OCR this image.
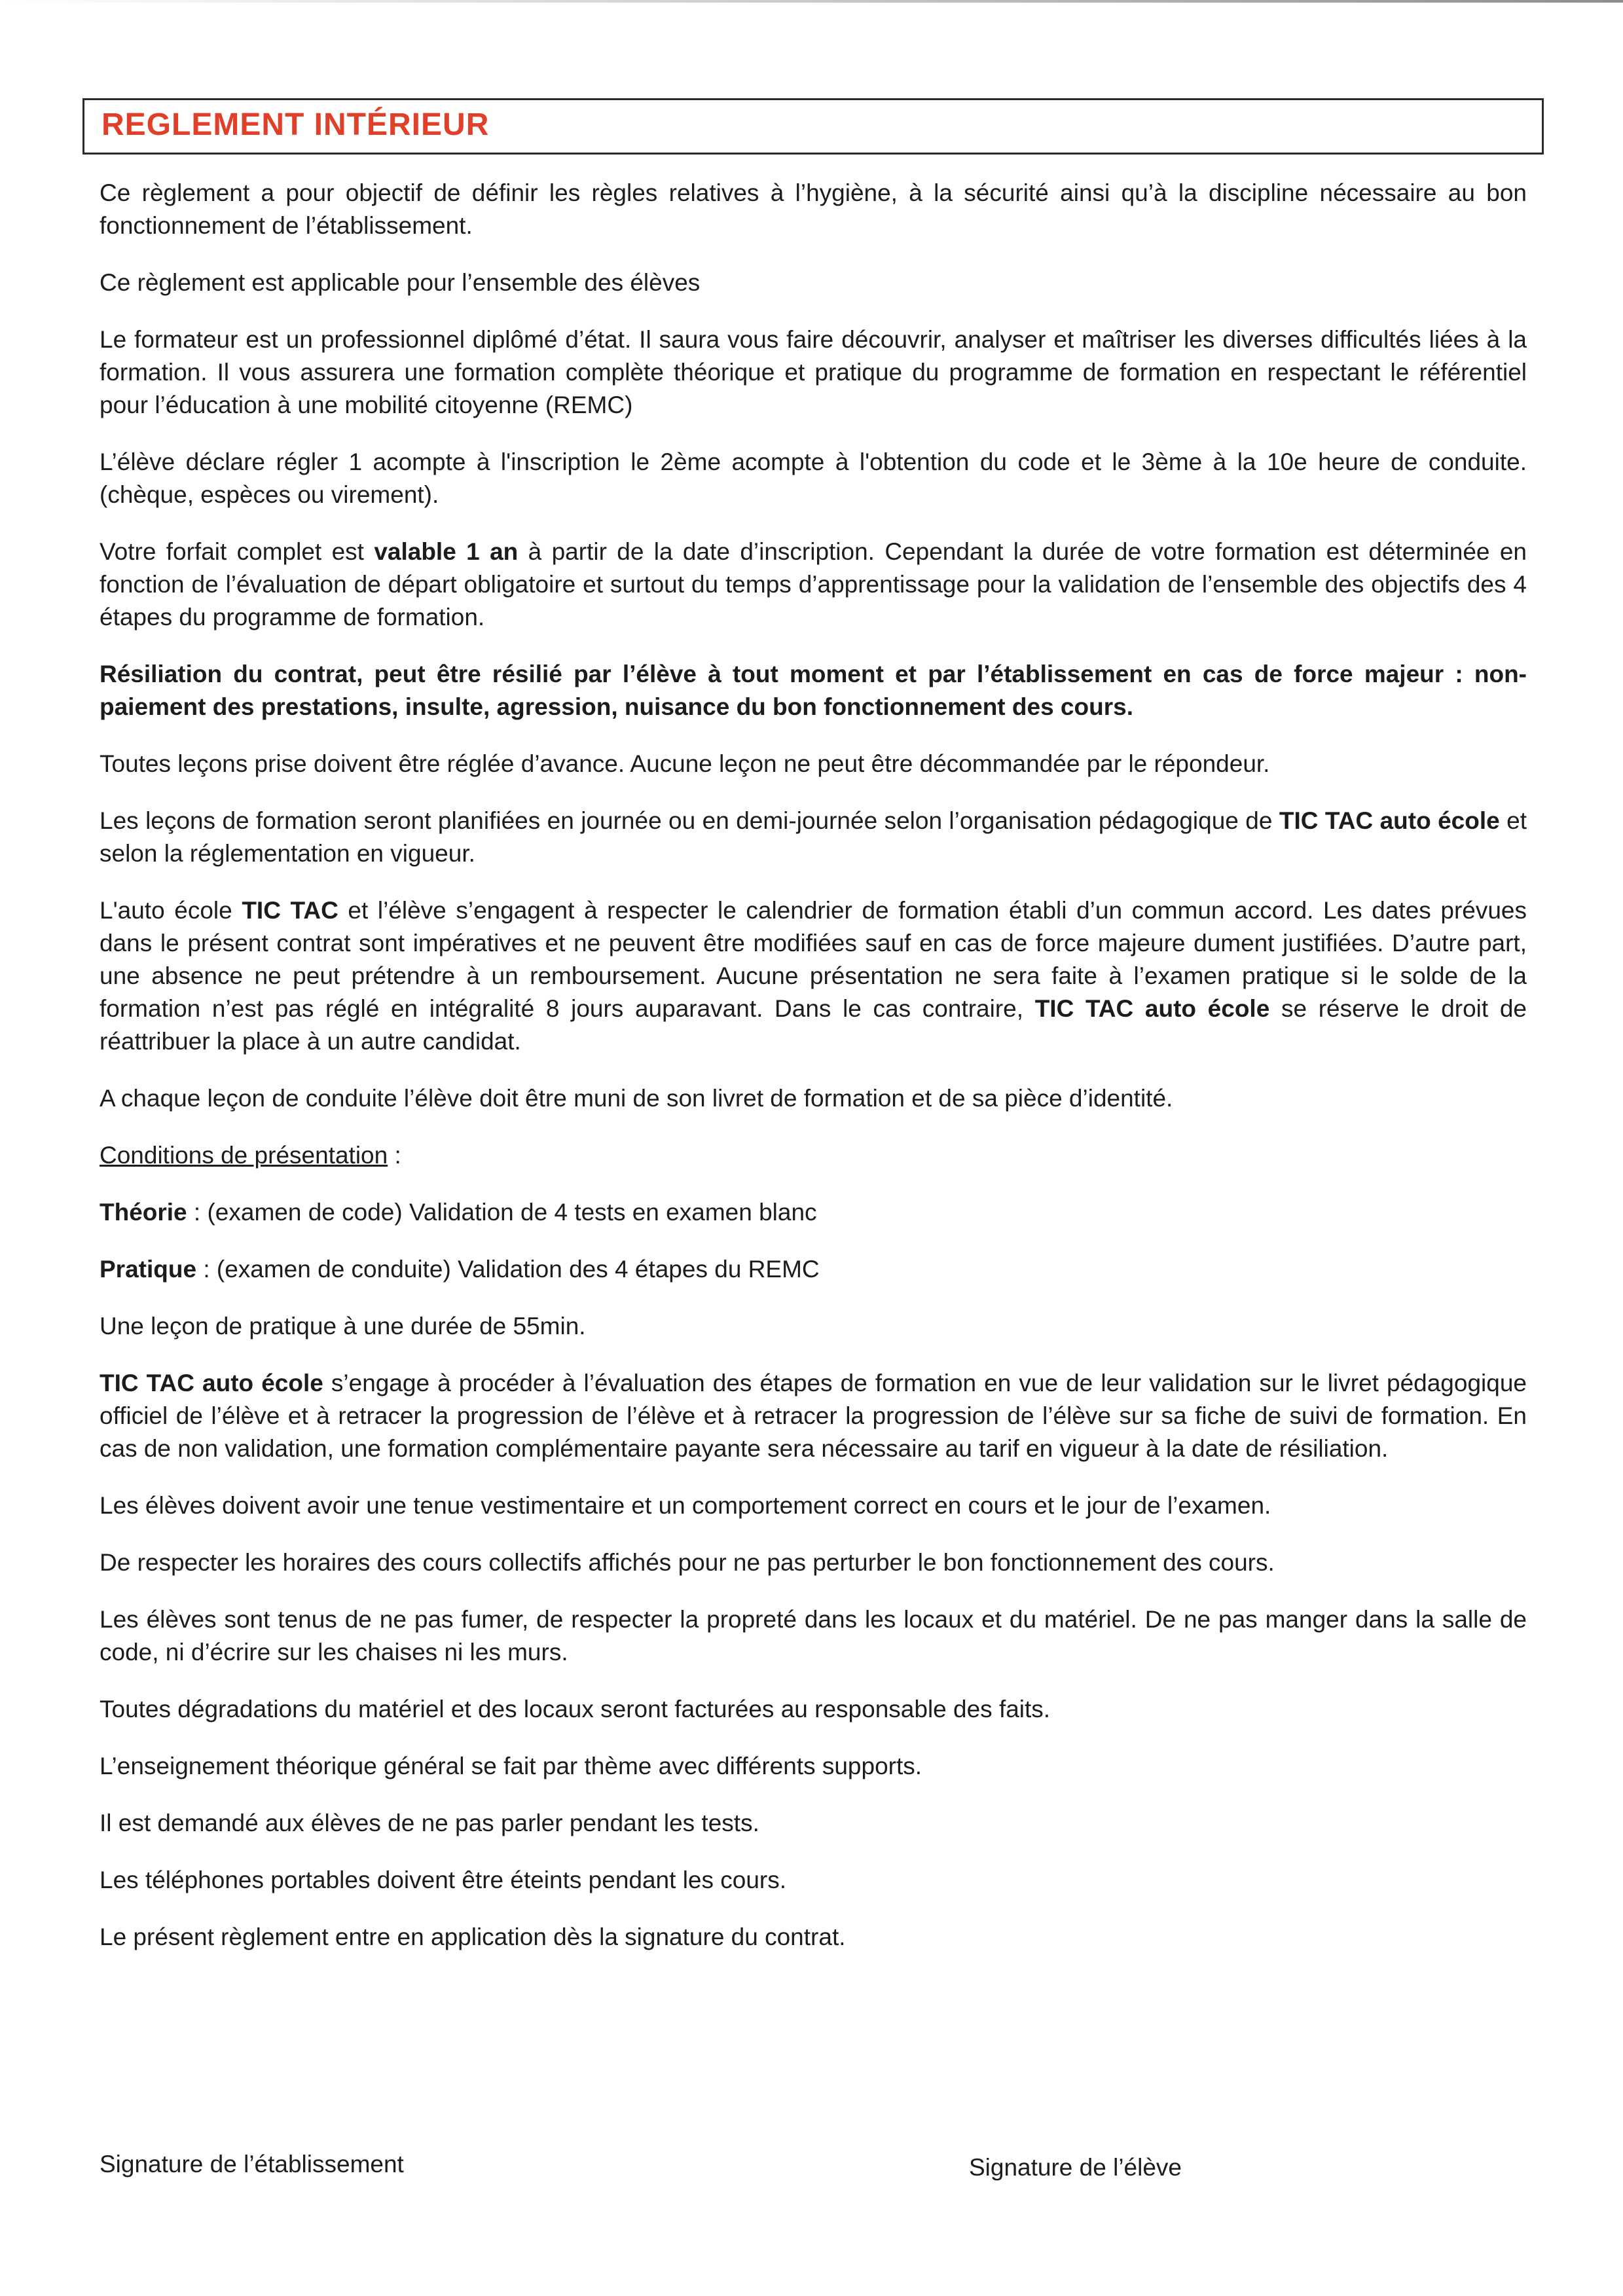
REGLEMENT INTÉRIEUR

Ce règlement a pour objectif de définir les règles relatives à l’hygiène, à la sécurité ainsi qu’à la discipline nécessaire au bon fonctionnement de l’établissement.

Ce règlement est applicable pour l’ensemble des élèves

Le formateur est un professionnel diplômé d’état. Il saura vous faire découvrir, analyser et maîtriser les diverses difficultés liées à la formation. Il vous assurera une formation complète théorique et pratique du programme de formation en respectant le référentiel pour l’éducation à une mobilité citoyenne (REMC)

L’élève déclare régler 1 acompte à l'inscription le 2ème acompte à l'obtention du code et le 3ème à la 10e heure de conduite. (chèque, espèces ou virement).

Votre forfait complet est valable 1 an à partir de la date d’inscription. Cependant la durée de votre formation est déterminée en fonction de l’évaluation de départ obligatoire et surtout du temps d’apprentissage pour la validation de l’ensemble des objectifs des 4 étapes du programme de formation.

Résiliation du contrat, peut être résilié par l’élève à tout moment et par l’établissement en cas de force majeur : non-paiement des prestations, insulte, agression, nuisance du bon fonctionnement des cours.

Toutes leçons prise doivent être réglée d’avance. Aucune leçon ne peut être décommandée par le répondeur.

Les leçons de formation seront planifiées en journée ou en demi-journée selon l’organisation pédagogique de TIC TAC auto école et selon la réglementation en vigueur.

L'auto école TIC TAC et l’élève s’engagent à respecter le calendrier de formation établi d’un commun accord. Les dates prévues dans le présent contrat sont impératives et ne peuvent être modifiées sauf en cas de force majeure dument justifiées. D’autre part, une absence ne peut prétendre à un remboursement. Aucune présentation ne sera faite à l’examen pratique si le solde de la formation n’est pas réglé en intégralité 8 jours auparavant. Dans le cas contraire, TIC TAC auto école se réserve le droit de réattribuer la place à un autre candidat.

A chaque leçon de conduite l’élève doit être muni de son livret de formation et de sa pièce d’identité.

Conditions de présentation :

Théorie : (examen de code) Validation de 4 tests en examen blanc

Pratique : (examen de conduite) Validation des 4 étapes du REMC

Une leçon de pratique à une durée de 55min.

TIC TAC auto école s’engage à procéder à l’évaluation des étapes de formation en vue de leur validation sur le livret pédagogique officiel de l’élève et à retracer la progression de l’élève et à retracer la progression de l’élève sur sa fiche de suivi de formation. En cas de non validation, une formation complémentaire payante sera nécessaire au tarif en vigueur à la date de résiliation.

Les élèves doivent avoir une tenue vestimentaire et un comportement correct en cours et le jour de l’examen.

De respecter les horaires des cours collectifs affichés pour ne pas perturber le bon fonctionnement des cours.

Les élèves sont tenus de ne pas fumer, de respecter la propreté dans les locaux et du matériel. De ne pas manger dans la salle de code, ni d’écrire sur les chaises ni les murs.

Toutes dégradations du matériel et des locaux seront facturées au responsable des faits.

L’enseignement théorique général se fait par thème avec différents supports.

Il est demandé aux élèves de ne pas parler pendant les tests.

Les téléphones portables doivent être éteints pendant les cours.

Le présent règlement entre en application dès la signature du contrat.

Signature de l’établissement	Signature de l’élève
